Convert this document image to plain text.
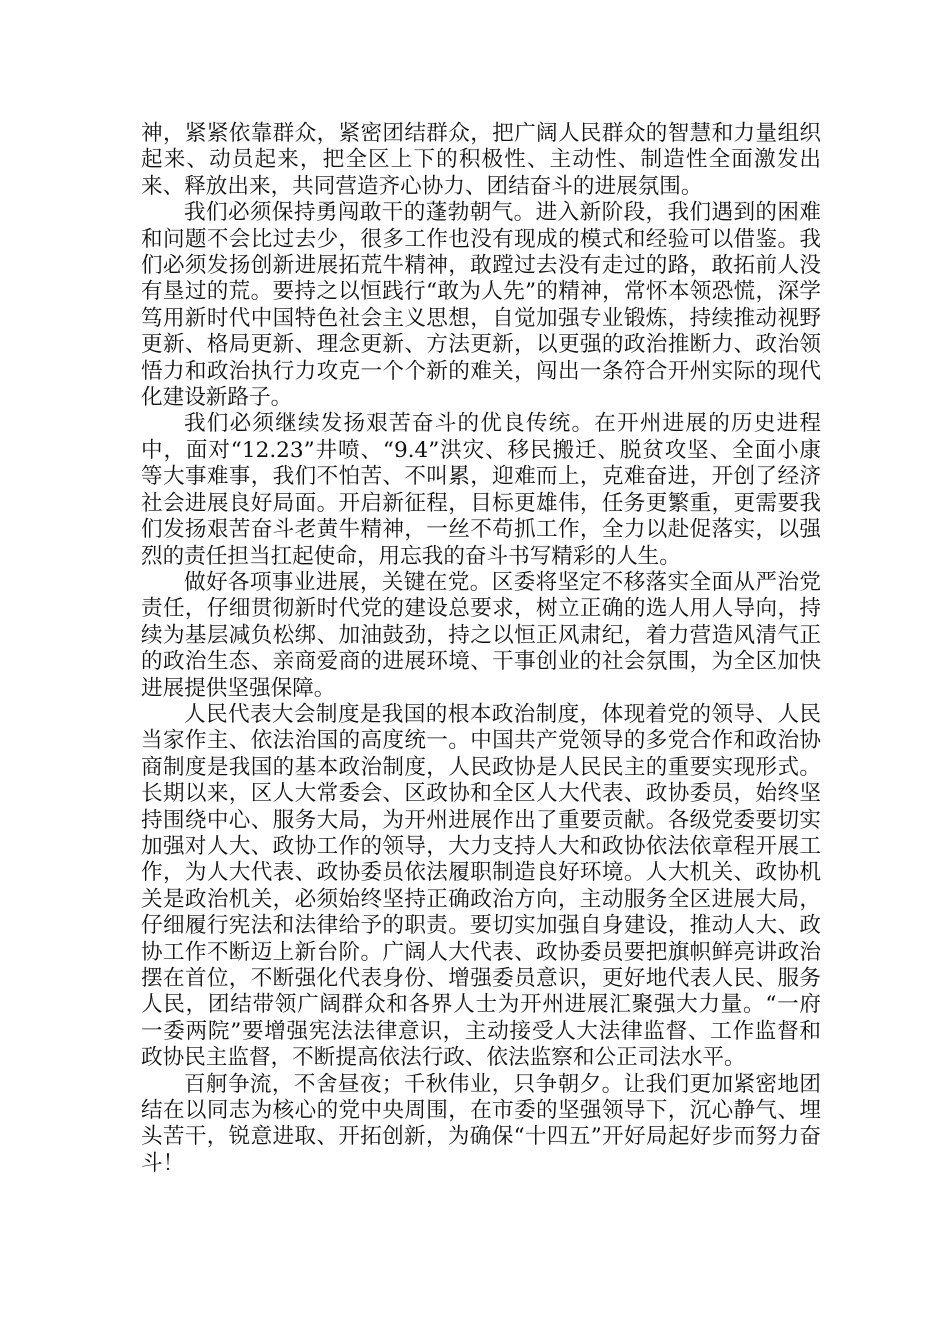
神，紧紧依靠群众，紧密团结群众，把广阔人民群众的智慧和力量组织起来、动员起来，把全区上下的积极性、主动性、制造性全面激发出来、释放出来，共同营造齐心协力、团结奋斗的进展氛围。

我们必须保持勇闯敢干的蓬勃朝气。进入新阶段，我们遇到的困难和问题不会比过去少，很多工作也没有现成的模式和经验可以借鉴。我们必须发扬创新进展拓荒牛精神，敢蹚过去没有走过的路，敢拓前人没有垦过的荒。要持之以恒践行“敢为人先”的精神，常怀本领恐慌，深学笃用新时代中国特色社会主义思想，自觉加强专业锻炼，持续推动视野更新、格局更新、理念更新、方法更新，以更强的政治推断力、政治领悟力和政治执行力攻克一个个新的难关，闯出一条符合开州实际的现代化建设新路子。

我们必须继续发扬艰苦奋斗的优良传统。在开州进展的历史进程中，面对“12.23”井喷、“9.4”洪灾、移民搬迁、脱贫攻坚、全面小康等大事难事，我们不怕苦、不叫累，迎难而上，克难奋进，开创了经济社会进展良好局面。开启新征程，目标更雄伟，任务更繁重，更需要我们发扬艰苦奋斗老黄牛精神，一丝不苟抓工作，全力以赴促落实，以强烈的责任担当扛起使命，用忘我的奋斗书写精彩的人生。

做好各项事业进展，关键在党。区委将坚定不移落实全面从严治党责任，仔细贯彻新时代党的建设总要求，树立正确的选人用人导向，持续为基层减负松绑、加油鼓劲，持之以恒正风肃纪，着力营造风清气正的政治生态、亲商爱商的进展环境、干事创业的社会氛围，为全区加快进展提供坚强保障。

人民代表大会制度是我国的根本政治制度，体现着党的领导、人民当家作主、依法治国的高度统一。中国共产党领导的多党合作和政治协商制度是我国的基本政治制度，人民政协是人民民主的重要实现形式。长期以来，区人大常委会、区政协和全区人大代表、政协委员，始终坚持围绕中心、服务大局，为开州进展作出了重要贡献。各级党委要切实加强对人大、政协工作的领导，大力支持人大和政协依法依章程开展工作，为人大代表、政协委员依法履职制造良好环境。人大机关、政协机关是政治机关，必须始终坚持正确政治方向，主动服务全区进展大局，仔细履行宪法和法律给予的职责。要切实加强自身建设，推动人大、政协工作不断迈上新台阶。广阔人大代表、政协委员要把旗帜鲜亮讲政治摆在首位，不断强化代表身份、增强委员意识，更好地代表人民、服务人民，团结带领广阔群众和各界人士为开州进展汇聚强大力量。“一府一委两院”要增强宪法法律意识，主动接受人大法律监督、工作监督和政协民主监督，不断提高依法行政、依法监察和公正司法水平。

百舸争流，不舍昼夜；千秋伟业，只争朝夕。让我们更加紧密地团结在以同志为核心的党中央周围，在市委的坚强领导下，沉心静气、埋头苦干，锐意进取、开拓创新，为确保“十四五”开好局起好步而努力奋斗！
